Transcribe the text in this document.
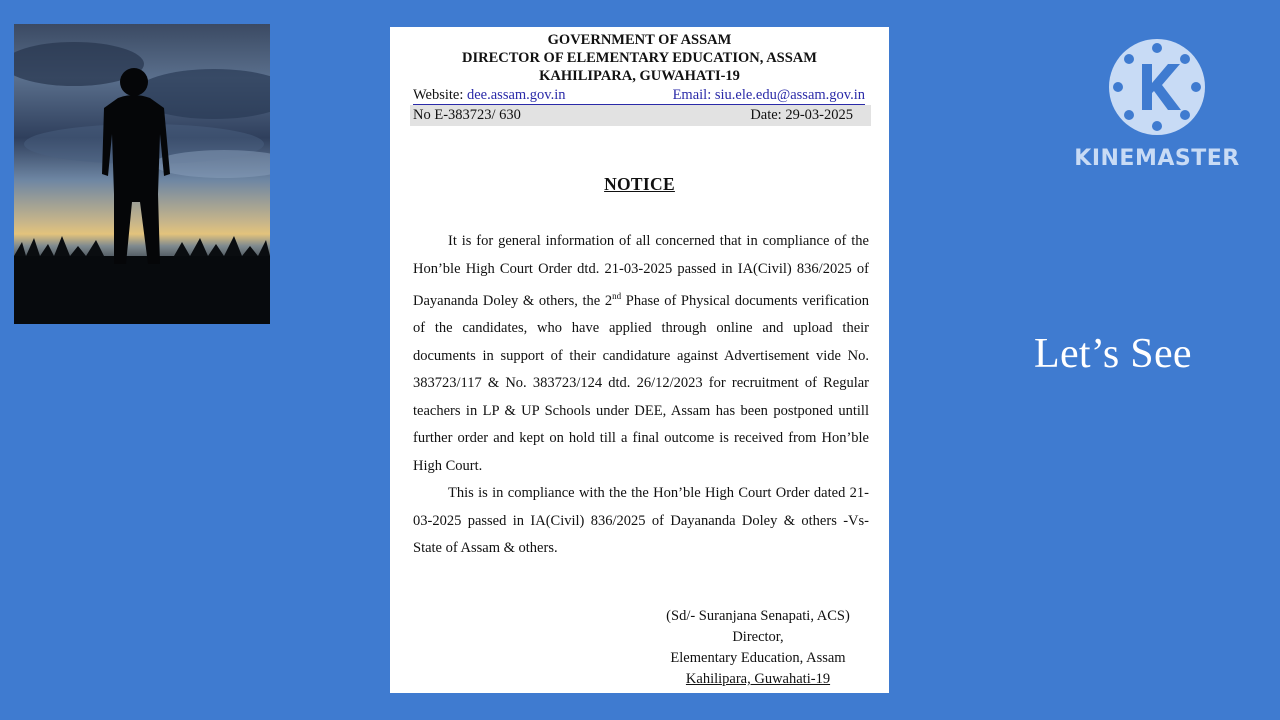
GOVERNMENT OF ASSAM
DIRECTOR OF ELEMENTARY EDUCATION, ASSAM
KAHILIPARA, GUWAHATI-19
Website: dee.assam.gov.in	Email: siu.ele.edu@assam.gov.in
No E-383723/ 630	Date: 29-03-2025
NOTICE

It is for general information of all concerned that in compliance of the Hon’ble High Court Order dtd. 21-03-2025 passed in IA(Civil) 836/2025 of Dayananda Doley & others, the 2nd Phase of Physical documents verification of the candidates, who have applied through online and upload their documents in support of their candidature against Advertisement vide No. 383723/117 & No. 383723/124 dtd. 26/12/2023 for recruitment of Regular teachers in LP & UP Schools under DEE, Assam has been postponed untill further order and kept on hold till a final outcome is received from Hon’ble High Court.

This is in compliance with the the Hon’ble High Court Order dated 21-03-2025 passed in IA(Civil) 836/2025 of Dayananda Doley & others -Vs-State of Assam & others.

(Sd/- Suranjana Senapati, ACS)
Director,
Elementary Education, Assam
Kahilipara, Guwahati-19
KINEMASTER
Let’s See
